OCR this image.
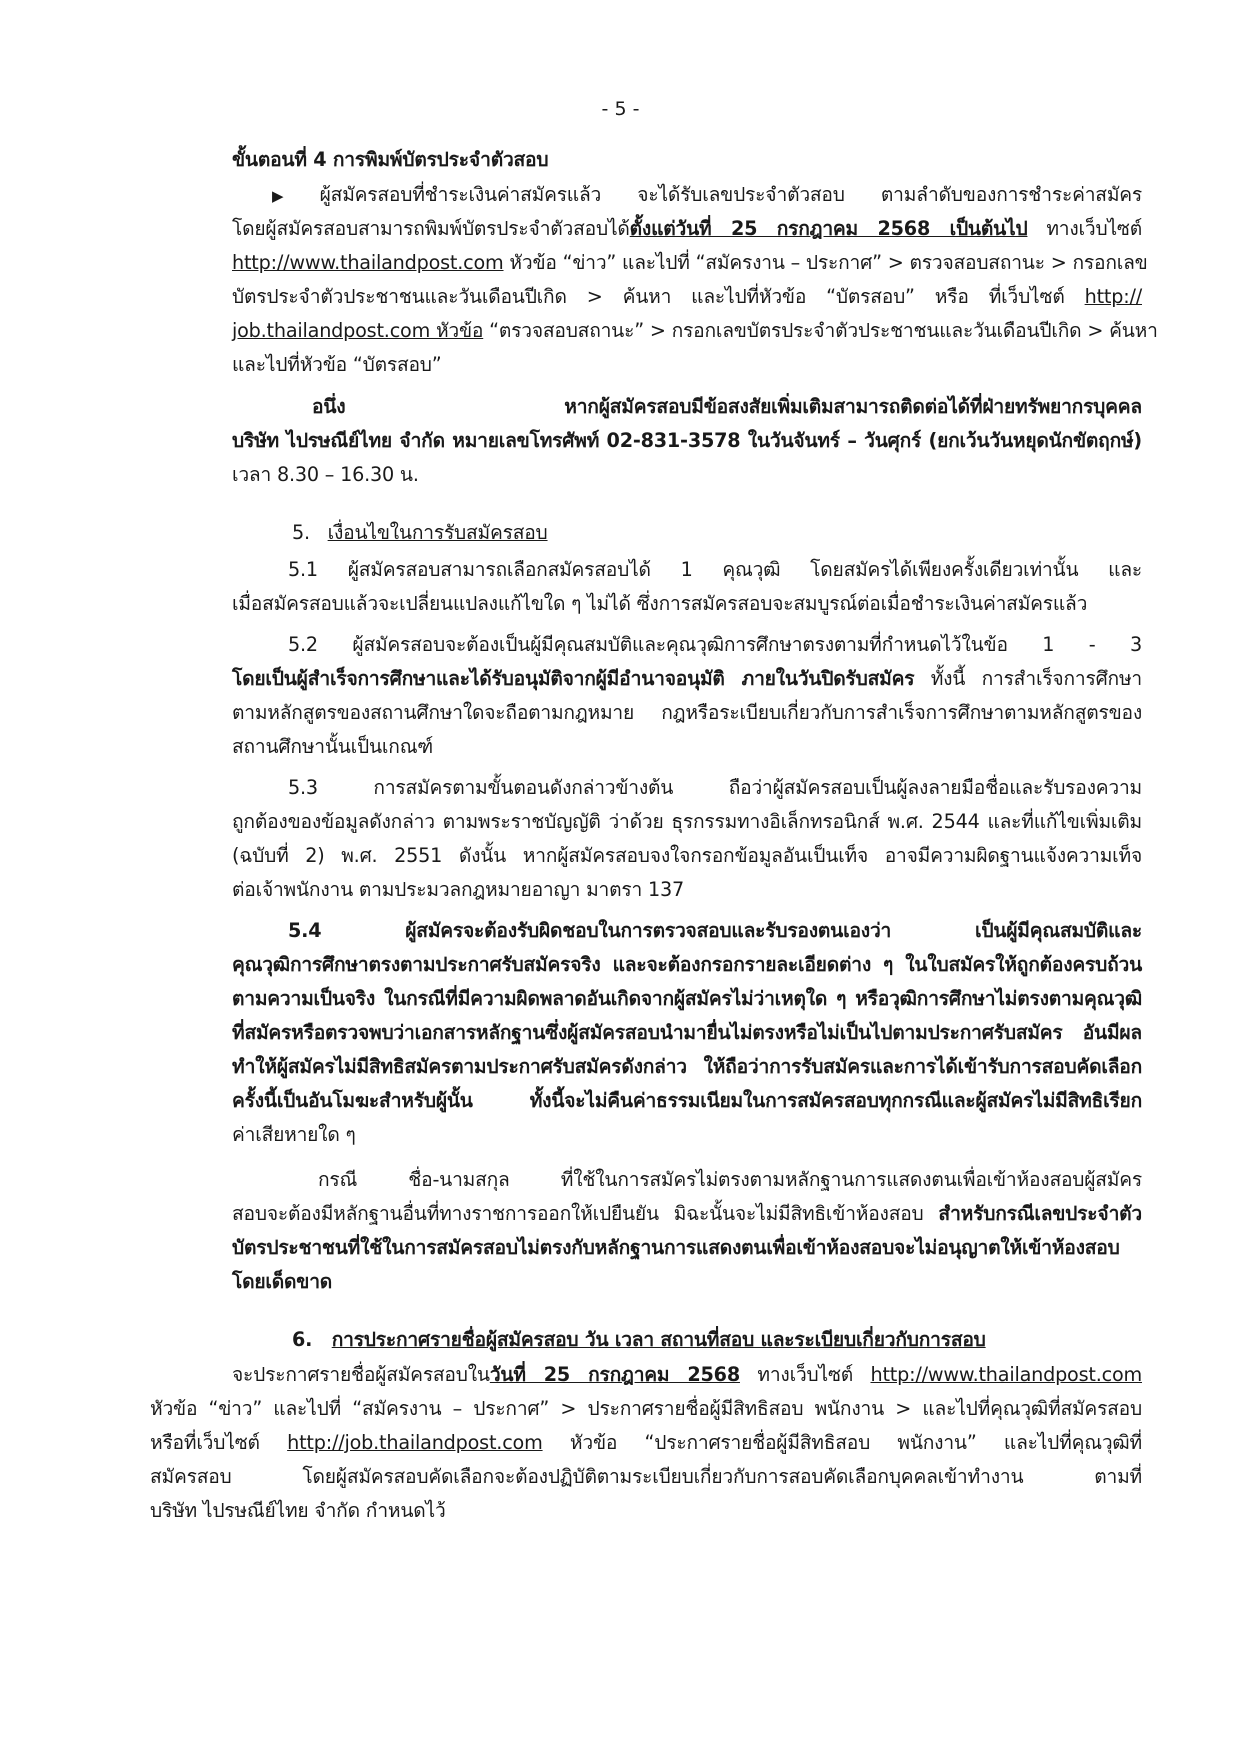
- 5 -
ขั้นตอนที่ 4 การพิมพ์บัตรประจำตัวสอบ
▶ ผู้สมัครสอบที่ชำระเงินค่าสมัครแล้ว จะได้รับเลขประจำตัวสอบ ตามลำดับของการชำระค่าสมัคร
โดยผู้สมัครสอบสามารถพิมพ์บัตรประจำตัวสอบได้ตั้งแต่วันที่ 25 กรกฎาคม 2568 เป็นต้นไป ทางเว็บไซต์
http://www.thailandpost.com หัวข้อ “ข่าว” และไปที่ “สมัครงาน – ประกาศ” > ตรวจสอบสถานะ > กรอกเลข
บัตรประจำตัวประชาชนและวันเดือนปีเกิด > ค้นหา และไปที่หัวข้อ “บัตรสอบ” หรือ ที่เว็บไซต์ http://
job.thailandpost.com หัวข้อ “ตรวจสอบสถานะ” > กรอกเลขบัตรประจำตัวประชาชนและวันเดือนปีเกิด > ค้นหา
และไปที่หัวข้อ “บัตรสอบ”
อนึ่ง หากผู้สมัครสอบมีข้อสงสัยเพิ่มเติมสามารถติดต่อได้ที่ฝ่ายทรัพยากรบุคคล
บริษัท ไปรษณีย์ไทย จำกัด หมายเลขโทรศัพท์ 02-831-3578 ในวันจันทร์ – วันศุกร์ (ยกเว้นวันหยุดนักขัตฤกษ์)
เวลา 8.30 – 16.30 น.
5. เงื่อนไขในการรับสมัครสอบ
5.1 ผู้สมัครสอบสามารถเลือกสมัครสอบได้ 1 คุณวุฒิ โดยสมัครได้เพียงครั้งเดียวเท่านั้น และ
เมื่อสมัครสอบแล้วจะเปลี่ยนแปลงแก้ไขใด ๆ ไม่ได้ ซึ่งการสมัครสอบจะสมบูรณ์ต่อเมื่อชำระเงินค่าสมัครแล้ว
5.2 ผู้สมัครสอบจะต้องเป็นผู้มีคุณสมบัติและคุณวุฒิการศึกษาตรงตามที่กำหนดไว้ในข้อ 1 - 3
โดยเป็นผู้สำเร็จการศึกษาและได้รับอนุมัติจากผู้มีอำนาจอนุมัติ ภายในวันปิดรับสมัคร ทั้งนี้ การสำเร็จการศึกษา
ตามหลักสูตรของสถานศึกษาใดจะถือตามกฎหมาย กฎหรือระเบียบเกี่ยวกับการสำเร็จการศึกษาตามหลักสูตรของ
สถานศึกษานั้นเป็นเกณฑ์
5.3 การสมัครตามขั้นตอนดังกล่าวข้างต้น ถือว่าผู้สมัครสอบเป็นผู้ลงลายมือชื่อและรับรองความ
ถูกต้องของข้อมูลดังกล่าว ตามพระราชบัญญัติ ว่าด้วย ธุรกรรมทางอิเล็กทรอนิกส์ พ.ศ. 2544 และที่แก้ไขเพิ่มเติม
(ฉบับที่ 2) พ.ศ. 2551 ดังนั้น หากผู้สมัครสอบจงใจกรอกข้อมูลอันเป็นเท็จ อาจมีความผิดฐานแจ้งความเท็จ
ต่อเจ้าพนักงาน ตามประมวลกฎหมายอาญา มาตรา 137
5.4 ผู้สมัครจะต้องรับผิดชอบในการตรวจสอบและรับรองตนเองว่า เป็นผู้มีคุณสมบัติและ
คุณวุฒิการศึกษาตรงตามประกาศรับสมัครจริง และจะต้องกรอกรายละเอียดต่าง ๆ ในใบสมัครให้ถูกต้องครบถ้วน
ตามความเป็นจริง ในกรณีที่มีความผิดพลาดอันเกิดจากผู้สมัครไม่ว่าเหตุใด ๆ หรือวุฒิการศึกษาไม่ตรงตามคุณวุฒิ
ที่สมัครหรือตรวจพบว่าเอกสารหลักฐานซึ่งผู้สมัครสอบนำมายื่นไม่ตรงหรือไม่เป็นไปตามประกาศรับสมัคร อันมีผล
ทำให้ผู้สมัครไม่มีสิทธิสมัครตามประกาศรับสมัครดังกล่าว ให้ถือว่าการรับสมัครและการได้เข้ารับการสอบคัดเลือก
ครั้งนี้เป็นอันโมฆะสำหรับผู้นั้น ทั้งนี้จะไม่คืนค่าธรรมเนียมในการสมัครสอบทุกกรณีและผู้สมัครไม่มีสิทธิเรียก
ค่าเสียหายใด ๆ
กรณี ชื่อ-นามสกุล ที่ใช้ในการสมัครไม่ตรงตามหลักฐานการแสดงตนเพื่อเข้าห้องสอบผู้สมัคร
สอบจะต้องมีหลักฐานอื่นที่ทางราชการออกให้เปยืนยัน มิฉะนั้นจะไม่มีสิทธิเข้าห้องสอบ สำหรับกรณีเลขประจำตัว
บัตรประชาชนที่ใช้ในการสมัครสอบไม่ตรงกับหลักฐานการแสดงตนเพื่อเข้าห้องสอบจะไม่อนุญาตให้เข้าห้องสอบ
โดยเด็ดขาด
6. การประกาศรายชื่อผู้สมัครสอบ วัน เวลา สถานที่สอบ และระเบียบเกี่ยวกับการสอบ
จะประกาศรายชื่อผู้สมัครสอบในวันที่ 25 กรกฎาคม 2568 ทางเว็บไซต์ http://www.thailandpost.com
หัวข้อ “ข่าว” และไปที่ “สมัครงาน – ประกาศ” > ประกาศรายชื่อผู้มีสิทธิสอบ พนักงาน > และไปที่คุณวุฒิที่สมัครสอบ
หรือที่เว็บไซต์ http://job.thailandpost.com หัวข้อ “ประกาศรายชื่อผู้มีสิทธิสอบ พนักงาน” และไปที่คุณวุฒิที่
สมัครสอบ โดยผู้สมัครสอบคัดเลือกจะต้องปฏิบัติตามระเบียบเกี่ยวกับการสอบคัดเลือกบุคคลเข้าทำงาน ตามที่
บริษัท ไปรษณีย์ไทย จำกัด กำหนดไว้
